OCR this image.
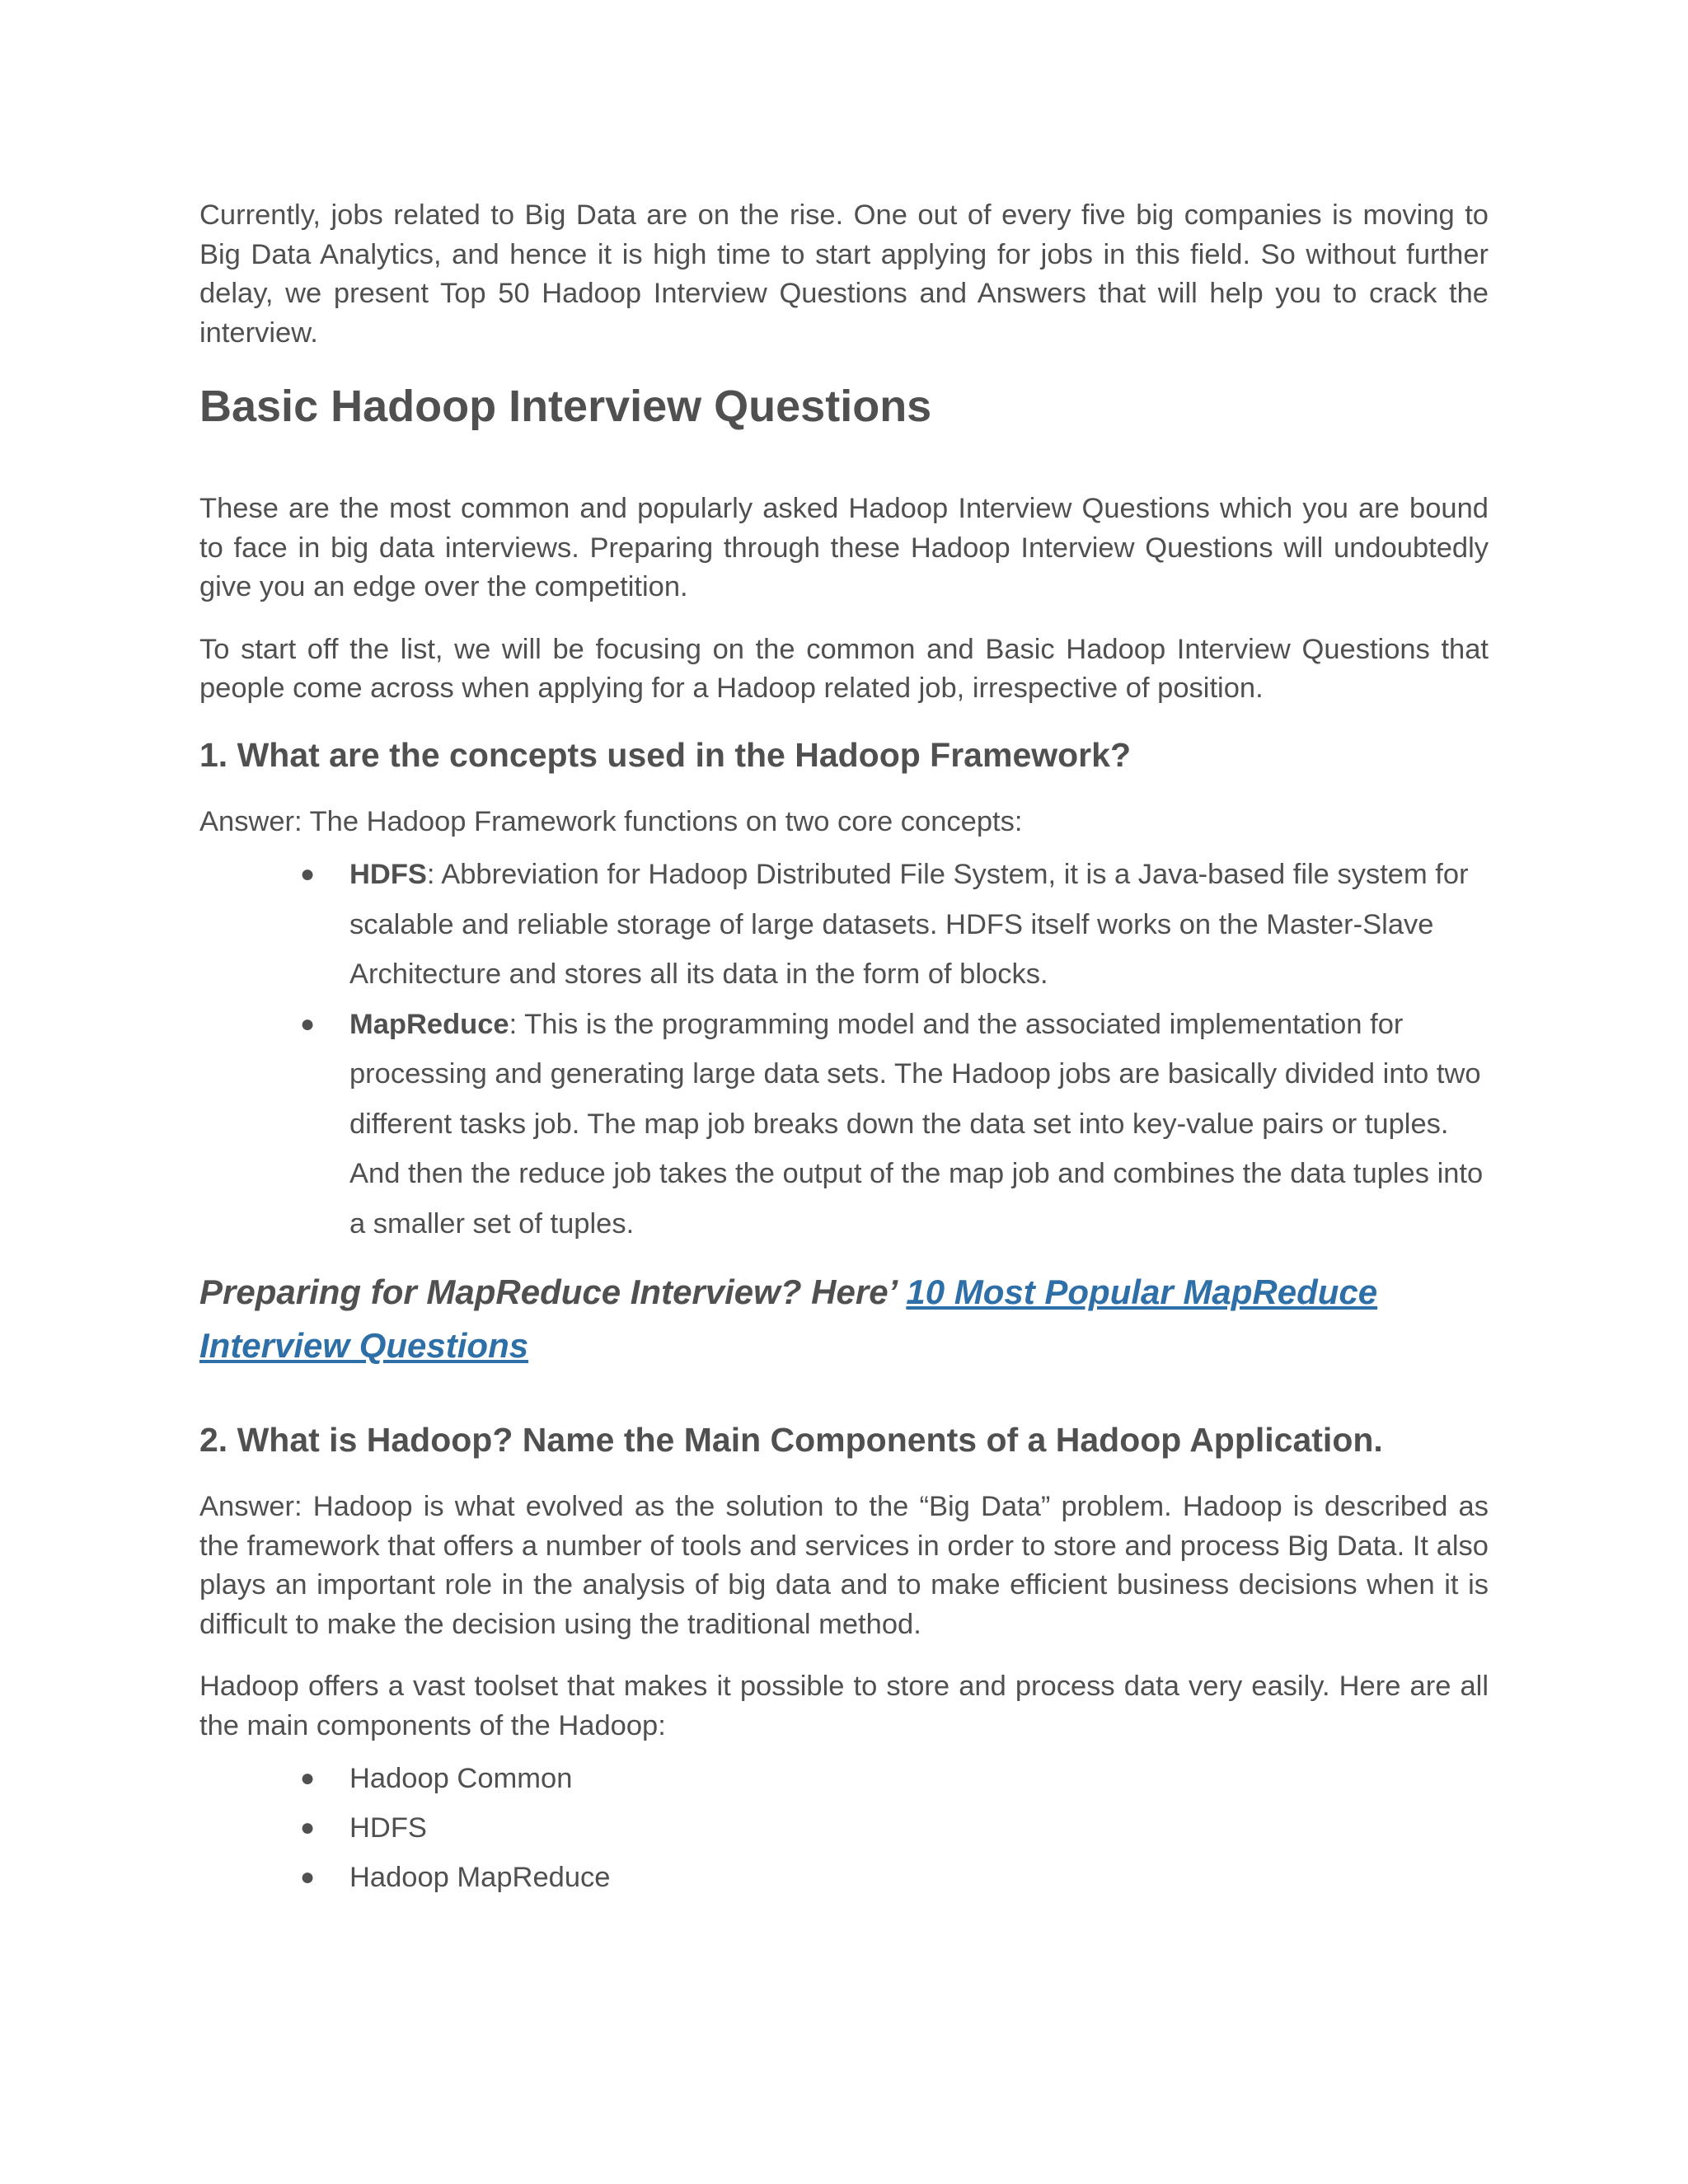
Currently, jobs related to Big Data are on the rise. One out of every five big companies is moving to Big Data Analytics, and hence it is high time to start applying for jobs in this field. So without further delay, we present Top 50 Hadoop Interview Questions and Answers that will help you to crack the interview.

Basic Hadoop Interview Questions

These are the most common and popularly asked Hadoop Interview Questions which you are bound to face in big data interviews. Preparing through these Hadoop Interview Questions will undoubtedly give you an edge over the competition.

To start off the list, we will be focusing on the common and Basic Hadoop Interview Questions that people come across when applying for a Hadoop related job, irrespective of position.

1. What are the concepts used in the Hadoop Framework?

Answer: The Hadoop Framework functions on two core concepts:

● HDFS: Abbreviation for Hadoop Distributed File System, it is a Java-based file system for scalable and reliable storage of large datasets. HDFS itself works on the Master-Slave Architecture and stores all its data in the form of blocks.
● MapReduce: This is the programming model and the associated implementation for processing and generating large data sets. The Hadoop jobs are basically divided into two different tasks job. The map job breaks down the data set into key-value pairs or tuples. And then the reduce job takes the output of the map job and combines the data tuples into a smaller set of tuples.

Preparing for MapReduce Interview? Here’ 10 Most Popular MapReduce Interview Questions

2. What is Hadoop? Name the Main Components of a Hadoop Application.

Answer: Hadoop is what evolved as the solution to the “Big Data” problem. Hadoop is described as the framework that offers a number of tools and services in order to store and process Big Data. It also plays an important role in the analysis of big data and to make efficient business decisions when it is difficult to make the decision using the traditional method.

Hadoop offers a vast toolset that makes it possible to store and process data very easily. Here are all the main components of the Hadoop:

● Hadoop Common
● HDFS
● Hadoop MapReduce
